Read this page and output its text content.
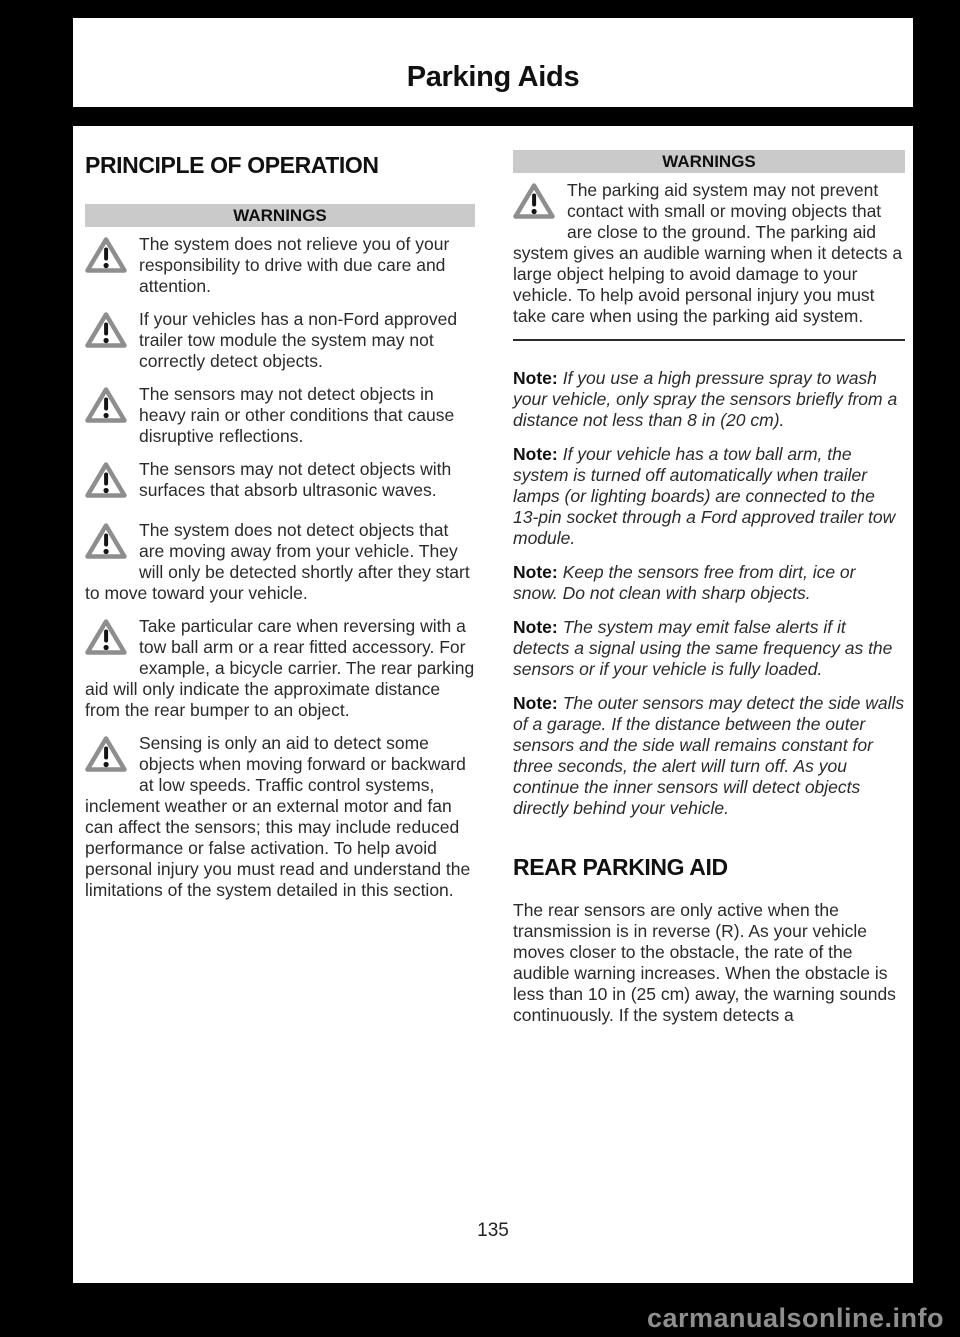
Parking Aids
PRINCIPLE OF OPERATION
WARNINGS

The system does not relieve you of your responsibility to drive with due care and attention.

If your vehicles has a non-Ford approved trailer tow module the system may not correctly detect objects.

The sensors may not detect objects in heavy rain or other conditions that cause disruptive reflections.

The sensors may not detect objects with surfaces that absorb ultrasonic waves.

The system does not detect objects that are moving away from your vehicle. They will only be detected shortly after they start to move toward your vehicle.

Take particular care when reversing with a tow ball arm or a rear fitted accessory. For example, a bicycle carrier. The rear parking aid will only indicate the approximate distance from the rear bumper to an object.

Sensing is only an aid to detect some objects when moving forward or backward at low speeds. Traffic control systems, inclement weather or an external motor and fan can affect the sensors; this may include reduced performance or false activation. To help avoid personal injury you must read and understand the limitations of the system detailed in this section.

WARNINGS

The parking aid system may not prevent contact with small or moving objects that are close to the ground. The parking aid system gives an audible warning when it detects a large object helping to avoid damage to your vehicle. To help avoid personal injury you must take care when using the parking aid system.

Note: If you use a high pressure spray to wash your vehicle, only spray the sensors briefly from a distance not less than 8 in (20 cm).

Note: If your vehicle has a tow ball arm, the system is turned off automatically when trailer lamps (or lighting boards) are connected to the 13-pin socket through a Ford approved trailer tow module.

Note: Keep the sensors free from dirt, ice or snow. Do not clean with sharp objects.

Note: The system may emit false alerts if it detects a signal using the same frequency as the sensors or if your vehicle is fully loaded.

Note: The outer sensors may detect the side walls of a garage. If the distance between the outer sensors and the side wall remains constant for three seconds, the alert will turn off. As you continue the inner sensors will detect objects directly behind your vehicle.

REAR PARKING AID

The rear sensors are only active when the transmission is in reverse (R). As your vehicle moves closer to the obstacle, the rate of the audible warning increases. When the obstacle is less than 10 in (25 cm) away, the warning sounds continuously. If the system detects a

135
carmanualsonline.info
